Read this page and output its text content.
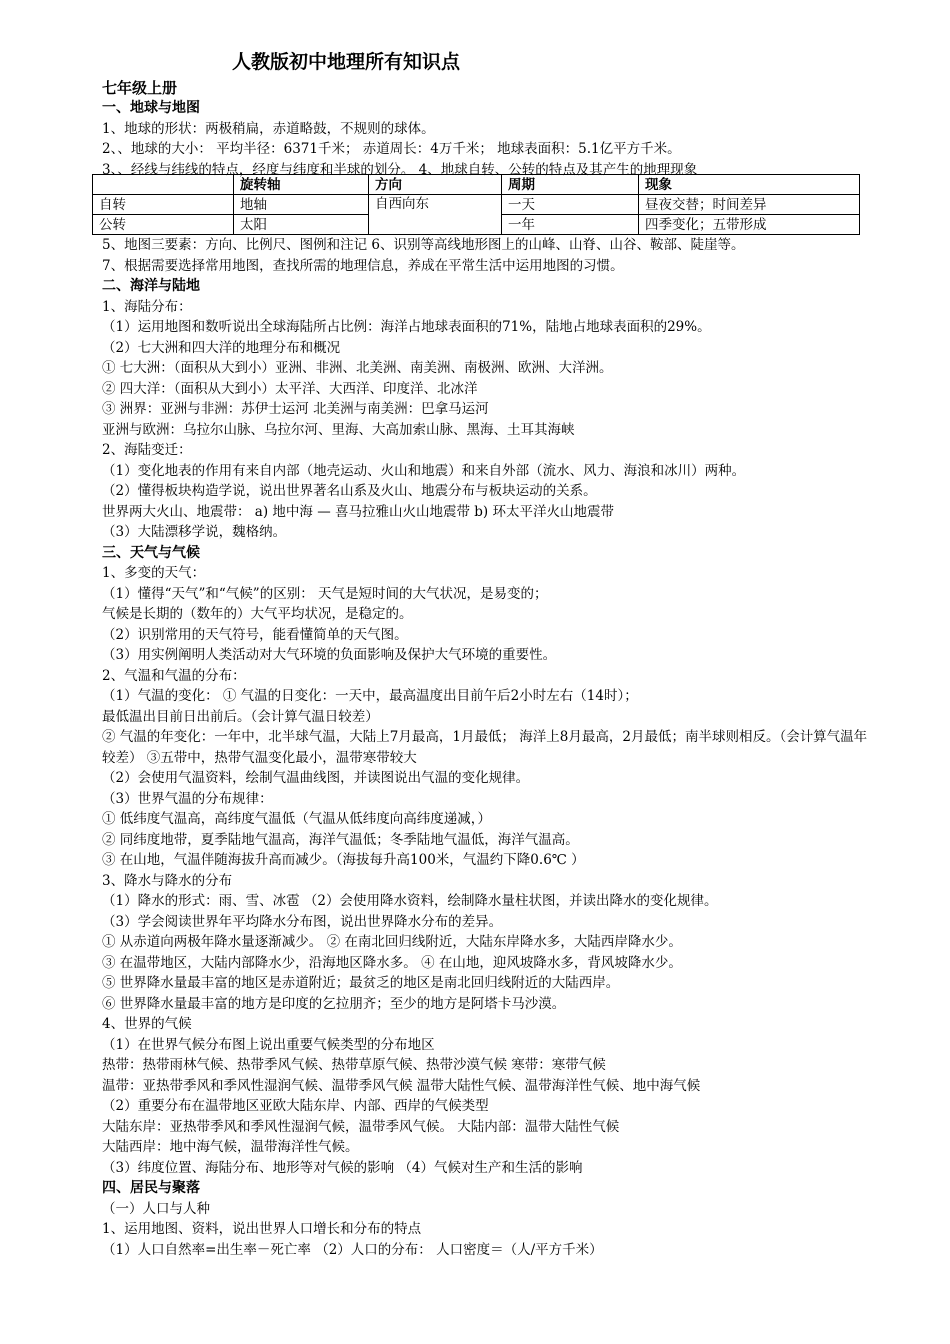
人教版初中地理所有知识点
七年级上册
一、地球与地图
1、地球的形状：两极稍扁，赤道略鼓，不规则的球体。
2、、地球的大小： 平均半径：6371千米； 赤道周长：4万千米； 地球表面积：5.1亿平方千米。
3、、经线与纬线的特点，经度与纬度和半球的划分。 4、地球自转、公转的特点及其产生的地理现象
	旋转轴	方向	周期	现象
自转	地轴	自西向东	一天	昼夜交替；时间差异
公转	太阳		一年	四季变化；五带形成
5、地图三要素：方向、比例尺、图例和注记 6、识别等高线地形图上的山峰、山脊、山谷、鞍部、陡崖等。
7、根据需要选择常用地图，查找所需的地理信息，养成在平常生活中运用地图的习惯。
二、海洋与陆地
1、海陆分布：
（1）运用地图和数听说出全球海陆所占比例：海洋占地球表面积的71%，陆地占地球表面积的29%。
（2）七大洲和四大洋的地理分布和概况
① 七大洲：（面积从大到小）亚洲、非洲、北美洲、南美洲、南极洲、欧洲、大洋洲。
② 四大洋：（面积从大到小）太平洋、大西洋、印度洋、北冰洋
③ 洲界：亚洲与非洲：苏伊士运河 北美洲与南美洲：巴拿马运河
亚洲与欧洲：乌拉尔山脉、乌拉尔河、里海、大高加索山脉、黑海、土耳其海峡
2、海陆变迁：
（1）变化地表的作用有来自内部（地壳运动、火山和地震）和来自外部（流水、风力、海浪和冰川）两种。
（2）懂得板块构造学说，说出世界著名山系及火山、地震分布与板块运动的关系。
世界两大火山、地震带： a) 地中海 — 喜马拉雅山火山地震带 b) 环太平洋火山地震带
（3）大陆漂移学说，魏格纳。
三、天气与气候
1、多变的天气：
（1）懂得“天气”和“气候”的区别： 天气是短时间的大气状况，是易变的；
气候是长期的（数年的）大气平均状况，是稳定的。
（2）识别常用的天气符号，能看懂简单的天气图。
（3）用实例阐明人类活动对大气环境的负面影响及保护大气环境的重要性。
2、气温和气温的分布：
（1）气温的变化： ① 气温的日变化：一天中，最高温度出目前午后2小时左右（14时）；
最低温出目前日出前后。（会计算气温日较差）
② 气温的年变化：一年中，北半球气温，大陆上7月最高，1月最低； 海洋上8月最高，2月最低；南半球则相反。（会计算气温年较差） ③五带中，热带气温变化最小，温带寒带较大
（2）会使用气温资料，绘制气温曲线图，并读图说出气温的变化规律。
（3）世界气温的分布规律：
① 低纬度气温高，高纬度气温低（气温从低纬度向高纬度递减，）
② 同纬度地带，夏季陆地气温高，海洋气温低；冬季陆地气温低，海洋气温高。
③ 在山地，气温伴随海拔升高而减少。（海拔每升高100米，气温约下降0.6℃ ）
3、降水与降水的分布
（1）降水的形式：雨、雪、冰雹 （2）会使用降水资料，绘制降水量柱状图，并读出降水的变化规律。
（3）学会阅读世界年平均降水分布图，说出世界降水分布的差异。
① 从赤道向两极年降水量逐渐减少。 ② 在南北回归线附近，大陆东岸降水多，大陆西岸降水少。
③ 在温带地区，大陆内部降水少，沿海地区降水多。 ④ 在山地，迎风坡降水多，背风坡降水少。
⑤ 世界降水量最丰富的地区是赤道附近；最贫乏的地区是南北回归线附近的大陆西岸。
⑥ 世界降水量最丰富的地方是印度的乞拉朋齐；至少的地方是阿塔卡马沙漠。
4、世界的气候
（1）在世界气候分布图上说出重要气候类型的分布地区
热带：热带雨林气候、热带季风气候、热带草原气候、热带沙漠气候 寒带：寒带气候
温带：亚热带季风和季风性湿润气候、温带季风气候 温带大陆性气候、温带海洋性气候、地中海气候
（2）重要分布在温带地区亚欧大陆东岸、内部、西岸的气候类型
大陆东岸：亚热带季风和季风性湿润气候，温带季风气候。 大陆内部：温带大陆性气候
大陆西岸：地中海气候，温带海洋性气候。
（3）纬度位置、海陆分布、地形等对气候的影响 （4）气候对生产和生活的影响
四、居民与聚落
（一）人口与人种
1、运用地图、资料，说出世界人口增长和分布的特点
（1）人口自然率=出生率－死亡率 （2）人口的分布： 人口密度＝（人/平方千米）
